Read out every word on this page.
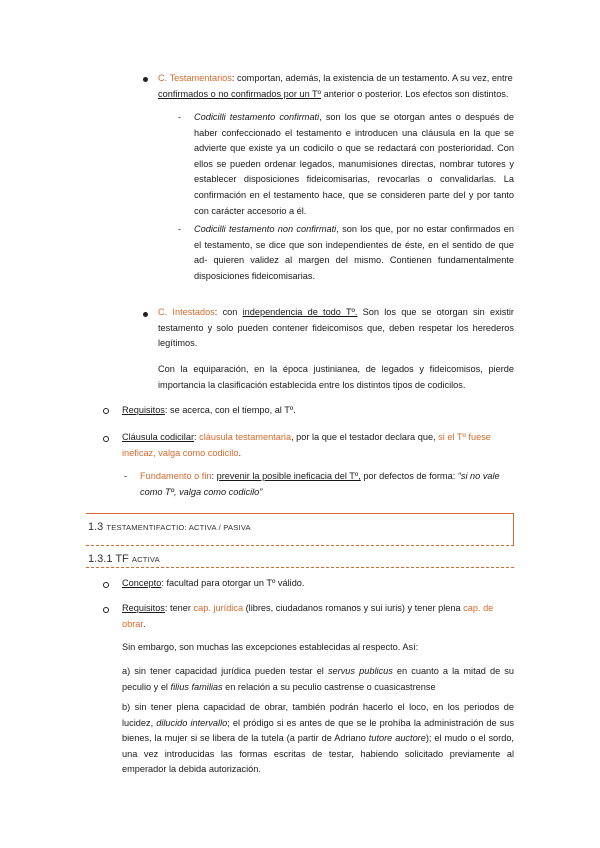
C. Testamentarios: comportan, además, la existencia de un testamento. A su vez, entre confirmados o no confirmados por un Tº anterior o posterior. Los efectos son distintos.
- Codicilli testamento confirmati, son los que se otorgan antes o después de haber confeccionado el testamento e introducen una cláusula en la que se advierte que existe ya un codicilo o que se redactará con posterioridad. Con ellos se pueden ordenar legados, manumisiones directas, nombrar tutores y establecer disposiciones fideicomisarias, revocarlas o convalidarlas. La confirmación en el testamento hace, que se consideren parte del y por tanto con carácter accesorio a él.
- Codicilli testamento non confirmati, son los que, por no estar confirmados en el testamento, se dice que son independientes de éste, en el sentido de que ad- quieren validez al margen del mismo. Contienen fundamentalmente disposiciones fideicomisarias.
C. Intestados: con independencia de todo Tº. Son los que se otorgan sin existir testamento y solo pueden contener fideicomisos que, deben respetar los herederos legítimos.
Con la equiparación, en la época justinianea, de legados y fideicomisos, pierde importancia la clasificación establecida entre los distintos tipos de codicilos.
Requisitos: se acerca, con el tiempo, al Tº.
Cláusula codicilar: cláusula testamentaria, por la que el testador declara que, si el Tº fuese ineficaz, valga como codicilo.
- Fundamento o fin: prevenir la posible ineficacia del Tº, por defectos de forma: “si no vale como Tº, valga como codicilo”
1.3 TESTAMENTIFACTIO: ACTIVA / PASIVA
1.3.1 TF ACTIVA
Concepto: facultad para otorgar un Tº válido.
Requisitos: tener cap. jurídica (libres, ciudadanos romanos y sui iuris) y tener plena cap. de obrar.
Sin embargo, son muchas las excepciones establecidas al respecto. Así:
a) sin tener capacidad jurídica pueden testar el servus publicus en cuanto a la mitad de su peculio y el filius familias en relación a su peculio castrense o cuasicastrense
b) sin tener plena capacidad de obrar, también podrán hacerlo el loco, en los periodos de lucidez, dilucido intervallo; el pródigo si es antes de que se le prohíba la administración de sus bienes, la mujer si se libera de la tutela (a partir de Adriano tutore auctore); el mudo o el sordo, una vez introducidas las formas escritas de testar, habiendo solicitado previamente al emperador la debida autorización.
